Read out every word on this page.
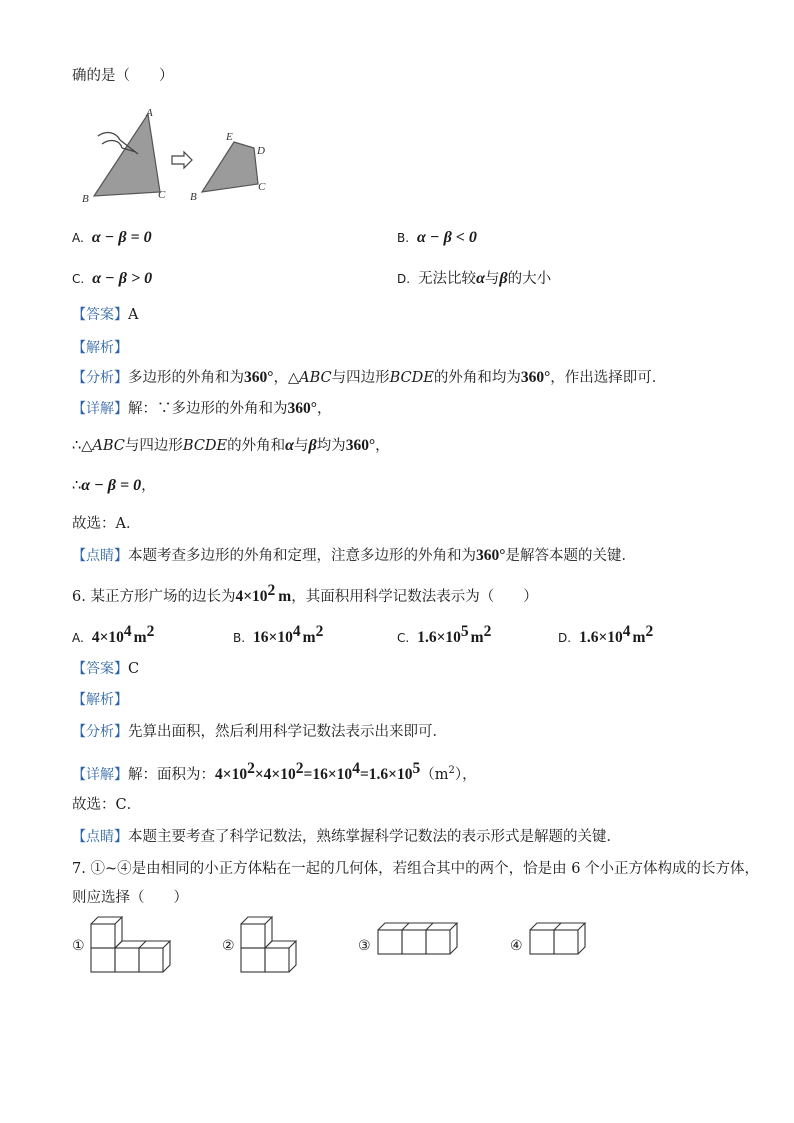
确的是（　　）
A
B	C
E
D
B
C
A. α − β = 0	B. α − β < 0
C. α − β > 0	D. 无法比较α与β的大小
【答案】A
【解析】
【分析】多边形的外角和为360°，△ABC与四边形BCDE的外角和均为360°，作出选择即可．
【详解】解：∵多边形的外角和为360°，
∴△ABC与四边形BCDE的外角和α与β均为360°，
∴α − β = 0，
故选：A．
【点睛】本题考查多边形的外角和定理，注意多边形的外角和为360°是解答本题的关键．
6. 某正方形广场的边长为$4\times 10^2$ m，其面积用科学记数法表示为（　　）
A. $4\times 10^4$ $m^2$	B. $16\times 10^4$ $m^2$	C. $1.6\times 10^5$ $m^2$	D. $1.6\times 10^4$ $m^2$
【答案】C
【解析】
【分析】先算出面积，然后利用科学记数法表示出来即可．
【详解】解：面积为：$4\times 10^2\times 4\times 10^2=16\times 10^4=1.6\times 10^5(m^2)$，
故选：C．
【点睛】本题主要考查了科学记数法，熟练掌握科学记数法的表示形式是解题的关键．
7. ①~④是由相同的小正方体粘在一起的几何体，若组合其中的两个，恰是由 6 个小正方体构成的长方体，
则应选择（　　）
①	②	③	④
